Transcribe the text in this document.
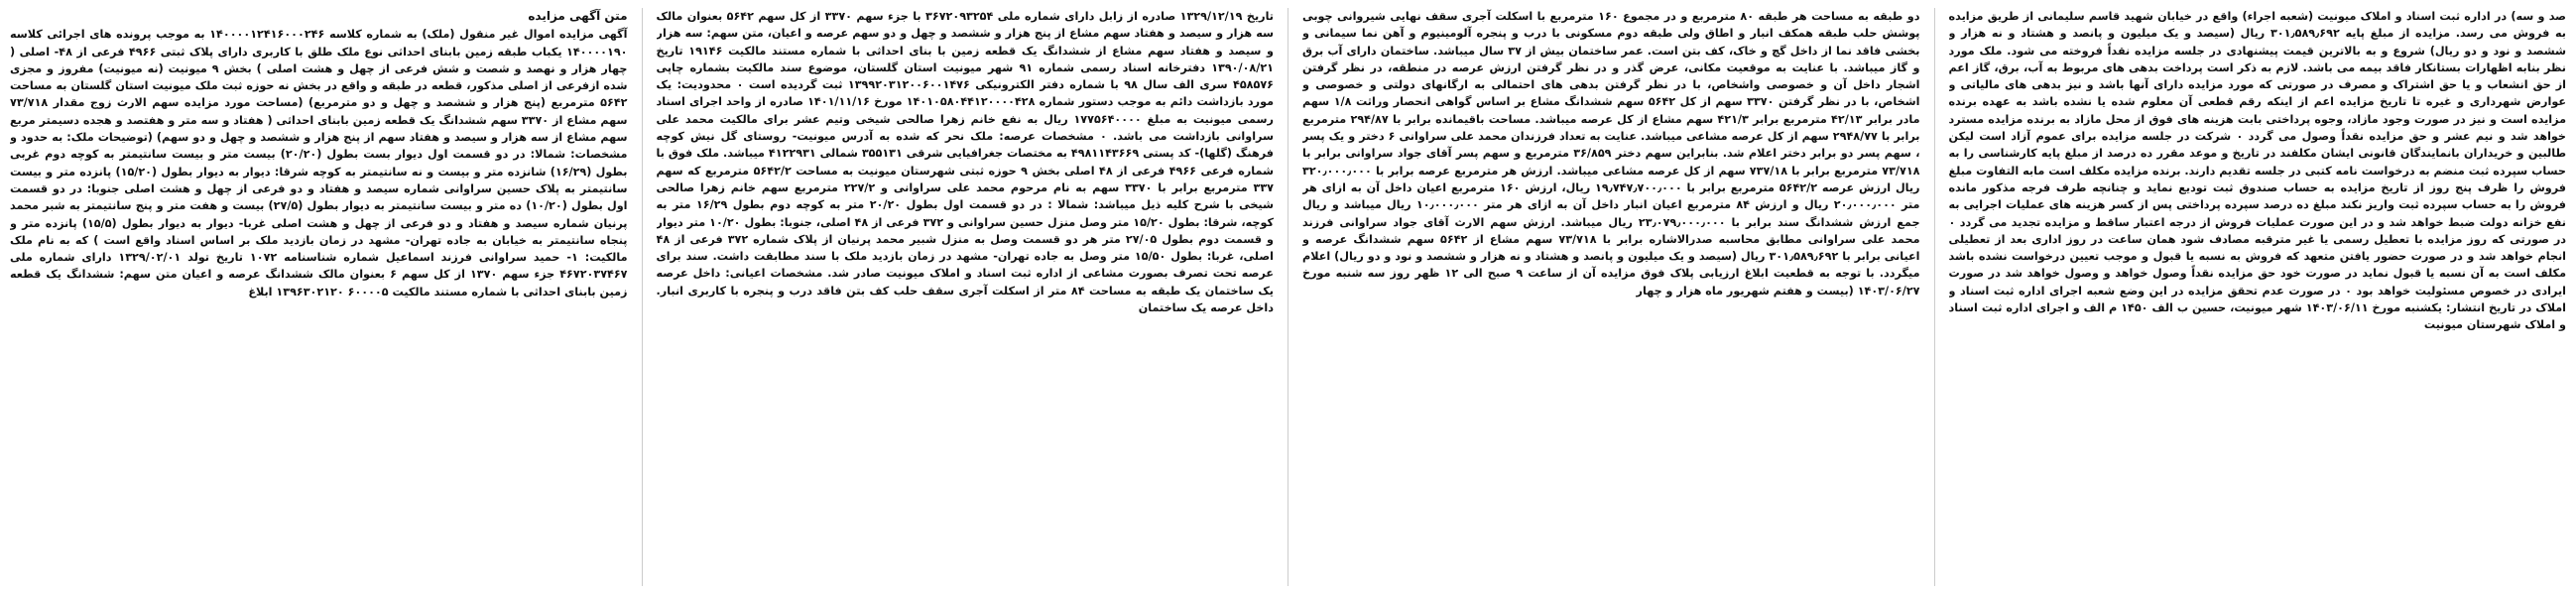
متن آگهی مزایده

آگهی مزایده اموال غیر منقول (ملک) به شماره کلاسه ۱۴۰۰۰۰۱۲۴۱۶۰۰۰۲۴۶ به موجب پرونده های اجرائی کلاسه ۱۴۰۰۰۰۱۹۰ یکباب طبقه زمین بابنای احداثی نوع ملک طلق با کاربری دارای پلاک ثبتی ۴۹۶۶ فرعی از ۴۸- اصلی ( چهار هزار و نهصد و شصت و شش فرعی از چهل و هشت اصلی ) بخش ۹ میونیت (نه میونیت) مفروز و مجزی شده ازفرعی از اصلی مذکور، قطعه در طبقه و واقع در بخش نه حوزه ثبت ملک میونیت استان گلستان به مساحت ۵۶۴۲ مترمربع (پنج هزار و ششصد و چهل و دو مترمربع) (مساحت مورد مزایده سهم الارث زوج مقدار ۷۳/۷۱۸ سهم مشاع از ۳۳۷۰ سهم ششدانگ یک قطعه زمین بابنای احداثی ( هفتاد و سه متر و هفتصد و هجده دسیمتر مربع سهم مشاع از سه هزار و سیصد و هفتاد سهم از پنج هزار و ششصد و چهل و دو سهم) (توضیحات ملک: به حدود و مشخصات: شمالا: در دو قسمت اول دیوار بست بطول (۲۰/۲۰) بیست متر و بیست سانتیمتر به کوچه دوم غربی بطول (۱۶/۲۹) شانزده متر و بیست و نه سانتیمتر به کوچه شرقا: دیوار به دیوار بطول (۱۵/۲۰) پانزده متر و بیست سانتیمتر به پلاک حسین سراوانی شماره سیصد و هفتاد و دو فرعی از چهل و هشت اصلی جنوبا: در دو قسمت اول بطول (۱۰/۲۰) ده متر و بیست سانتیمتر به دیوار بطول (۲۷/۵) بیست و هفت متر و پنج سانتیمتر به شبر محمد پرنیان شماره سیصد و هفتاد و دو فرعی از چهل و هشت اصلی غربا- دیوار به دیوار بطول (۱۵/۵) پانزده متر و پنجاه سانتیمتر به خیابان به جاده تهران- مشهد در زمان بازدید ملک بر اساس اسناد واقع است ) که به نام ملک مالکیت: ۱- حمید سراوانی فرزند اسماعیل شماره شناسنامه ۱۰۷۲ تاریخ تولد ۱۳۲۹/۰۲/۰۱ دارای شماره ملی ۴۶۷۲۰۳۷۴۶۷ جزء سهم ۱۳۷۰ از کل سهم ۶ بعنوان مالک ششدانگ عرصه و اعیان متن سهم: ششدانگ یک قطعه زمین بابنای احداثی با شماره مستند مالکیت ۶۰۰۰۰۵ ۱۳۹۶۳۰۲۱۲۰ ابلاغ

تاریخ ۱۳۲۹/۱۲/۱۹ صادره از زابل دارای شماره ملی ۳۶۷۲۰۹۳۲۵۴ با جزء سهم ۳۳۷۰ از کل سهم ۵۶۴۲ بعنوان مالک سه هزار و سیصد و هفتاد سهم مشاع از پنج هزار و ششصد و چهل و دو سهم عرصه و اعیان، متن سهم: سه هزار و سیصد و هفتاد سهم مشاع از ششدانگ یک قطعه زمین با بنای احداثی با شماره مستند مالکیت ۱۹۱۴۶ تاریخ ۱۳۹۰/۰۸/۲۱ دفترخانه اسناد رسمی شماره ۹۱ شهر میونیت استان گلستان، موضوع سند مالکیت بشماره چاپی ۴۵۸۵۷۶ سری الف سال ۹۸ با شماره دفتر الکترونیکی ۱۳۹۹۲۰۳۱۲۰۰۶۰۰۱۴۷۶ ثبت گردیده است ۰ محدودیت: یک مورد بازداشت دائم به موجب دستور شماره ۱۴۰۱۰۵۸۰۴۴۱۲۰۰۰۰۴۲۸ مورخ ۱۴۰۱/۱۱/۱۶ صادره از واحد اجرای اسناد رسمی میونیت به مبلغ ۱۷۷۵۶۴۰۰۰۰ ریال به نفع خانم زهرا صالحی شیخی وتیم عشر برای مالکیت محمد علی سراوانی بازداشت می باشد. ۰ مشخصات عرصه: ملک نحر که شده به آدرس میونیت- روستای گل نیش کوچه فرهنگ (گلها)- کد پستی ۴۹۸۱۱۴۳۶۶۹ به مختصات جغرافیایی شرقی ۳۵۵۱۳۱ شمالی ۴۱۲۲۹۳۱ میباشد. ملک فوق با شماره فرعی ۴۹۶۶ فرعی از ۴۸ اصلی بخش ۹ حوزه ثبتی شهرستان میونیت به مساحت ۵۶۴۲/۲ مترمربع که سهم ۳۳۷ مترمربع برابر با ۳۳۷۰ سهم به نام مرحوم محمد علی سراوانی و ۲۲۷/۲ مترمربع سهم خانم زهرا صالحی شیخی با شرح کلیه ذیل میباشد: شمالا : در دو قسمت اول بطول ۲۰/۲۰ متر به کوچه دوم بطول ۱۶/۲۹ متر به کوچه، شرقا: بطول ۱۵/۲۰ متر وصل منزل حسین سراوانی و ۳۷۲ فرعی از ۴۸ اصلی، جنوبا: بطول ۱۰/۲۰ متر دیوار و قسمت دوم بطول ۲۷/۰۵ متر هر دو قسمت وصل به منزل شبیر محمد پرنیان از پلاک شماره ۳۷۲ فرعی از ۴۸ اصلی، غربا: بطول ۱۵/۵۰ متر وصل به جاده تهران- مشهد در زمان بازدید ملک با سند مطابقت داشت. سند برای عرصه تحت تصرف بصورت مشاعی از اداره ثبت اسناد و املاک میونیت صادر شد. مشخصات اعیانی: داخل عرصه یک ساختمان یک طبقه به مساحت ۸۴ متر از اسکلت آجری سقف حلب کف بتن فاقد درب و پنجره با کاربری انبار. داخل عرصه یک ساختمان

دو طبقه به مساحت هر طبقه ۸۰ مترمربع و در مجموع ۱۶۰ مترمربع با اسکلت آجری سقف نهایی شیروانی چوبی پوشش حلب طبقه همکف انبار و اطاق ولی طبقه دوم مسکونی با درب و پنجره آلومینیوم و آهن نما سیمانی و بخشی فاقد نما از داخل گچ و خاک، کف بتن است. عمر ساختمان بیش از ۳۷ سال میباشد. ساختمان دارای آب برق و گاز میباشد. با عنایت به موقعیت مکانی، عرض گذر و در نظر گرفتن ارزش عرصه در منطقه، در نظر گرفتن اشجار داخل آن و خصوصی واشخاص، با در نظر گرفتن بدهی های احتمالی به ارگانهای دولتی و خصوصی و اشخاص، با در نظر گرفتن ۳۳۷۰ سهم از کل ۵۶۴۲ سهم ششدانگ مشاع بر اساس گواهی انحصار وراثت ۱/۸ سهم مادر برابر ۴۲/۱۳ مترمربع برابر ۴۲۱/۳ سهم مشاع از کل عرصه میباشد. مساحت باقیمانده برابر با ۲۹۴/۸۷ مترمربع برابر با ۲۹۴۸/۷۷ سهم از کل عرصه مشاعی میباشد. عنایت به تعداد فرزندان محمد علی سراوانی ۶ دختر و یک پسر ، سهم پسر دو برابر دختر اعلام شد. بنابراین سهم دختر ۳۶/۸۵۹ مترمربع و سهم پسر آقای جواد سراوانی برابر با ۷۳/۷۱۸ مترمربع برابر با ۷۳۷/۱۸ سهم از کل عرصه مشاعی میباشد. ارزش هر مترمربع عرصه برابر با ۳۲۰٫۰۰۰٫۰۰۰ ریال ارزش عرصه ۵۶۴۲/۲ مترمربع برابر با ۱۹٫۷۴۷٫۷۰۰٫۰۰۰ ریال، ارزش ۱۶۰ مترمربع اعیان داخل آن به ازای هر متر ۲۰٫۰۰۰٫۰۰۰ ریال و ارزش ۸۴ مترمربع اعیان انبار داخل آن به ازای هر متر ۱۰٫۰۰۰٫۰۰۰ ریال میباشد و ریال جمع ارزش ششدانگ سند برابر با ۲۳٫۰۷۹٫۰۰۰٫۰۰۰ ریال میباشد. ارزش سهم الارث آقای جواد سراوانی فرزند محمد علی سراوانی مطابق محاسبه صدرالاشاره برابر با ۷۳/۷۱۸ سهم مشاع از ۵۶۴۲ سهم ششدانگ عرصه و اعیانی برابر با ۳۰۱٫۵۸۹٫۶۹۲ ریال (سیصد و یک میلیون و پانصد و هشتاد و نه هزار و ششصد و نود و دو ریال) اعلام میگردد. با توجه به قطعیت ابلاغ ارزیابی پلاک فوق مزایده آن از ساعت ۹ صبح الی ۱۲ ظهر روز سه شنبه مورخ ۱۴۰۳/۰۶/۲۷ (بیست و هفتم شهریور ماه هزار و چهار

صد و سه) در اداره ثبت اسناد و املاک میونیت (شعبه اجراء) واقع در خیابان شهید قاسم سلیمانی از طریق مزایده به فروش می رسد. مزایده از مبلغ پایه ۳۰۱٫۵۸۹٫۶۹۲ ریال (سیصد و یک میلیون و پانصد و هشتاد و نه هزار و ششصد و نود و دو ریال) شروع و به بالاترین قیمت پیشنهادی در جلسه مزایده نقداً فروخته می شود. ملک مورد نظر بنابه اظهارات بستانکار فاقد بیمه می باشد. لازم به ذکر است پرداخت بدهی های مربوط به آب، برق، گاز اعم از حق انشعاب و یا حق اشتراک و مصرف در صورتی که مورد مزایده دارای آنها باشد و نیز بدهی های مالیاتی و عوارض شهرداری و غیره تا تاریخ مزایده اعم از اینکه رقم قطعی آن معلوم شده یا نشده باشد به عهده برنده مزایده است و نیز در صورت وجود مازاد، وجوه پرداختی بابت هزینه های فوق از محل مازاد به برنده مزایده مسترد خواهد شد و نیم عشر و حق مزایده نقداً وصول می گردد ۰ شرکت در جلسه مزایده برای عموم آزاد است لیکن طالبین و خریداران بانمایندگان قانونی ایشان مکلفند در تاریخ و موعد مقرر ده درصد از مبلغ پایه کارشناسی را به حساب سپرده ثبت منضم به درخواست نامه کتبی در جلسه تقدیم دارند. برنده مزایده مکلف است مابه التفاوت مبلغ فروش را ظرف پنج روز از تاریخ مزایده به حساب صندوق ثبت تودیع نماید و چنانچه طرف فرجه مذکور مانده فروش را به حساب سپرده ثبت واریز نکند مبلغ ده درصد سپرده پرداختی پس از کسر هزینه های عملیات اجرایی به نفع خزانه دولت ضبط خواهد شد و در این صورت عملیات فروش از درجه اعتبار ساقط و مزایده تجدید می گردد ۰ در صورتی که روز مزایده با تعطیل رسمی یا غیر مترقبه مصادف شود همان ساعت در روز اداری بعد از تعطیلی انجام خواهد شد و در صورت حضور یافتن متعهد که فروش به نسبه یا قبول و موجب تعیین درخواست نشده باشد مکلف است به آن نسبه یا قبول نماید در صورت خود حق مزایده نقداً وصول خواهد و وصول خواهد شد در صورت ایرادی در خصوص مسئولیت خواهد بود ۰ در صورت عدم تحقق مزایده در این وضع شعبه اجرای اداره ثبت اسناد و املاک در تاریخ انتشار: یکشنبه مورخ ۱۴۰۳/۰۶/۱۱ شهر میونیت، حسین ب الف ۱۴۵۰ م الف و اجرای اداره ثبت اسناد و املاک شهرستان میونیت
